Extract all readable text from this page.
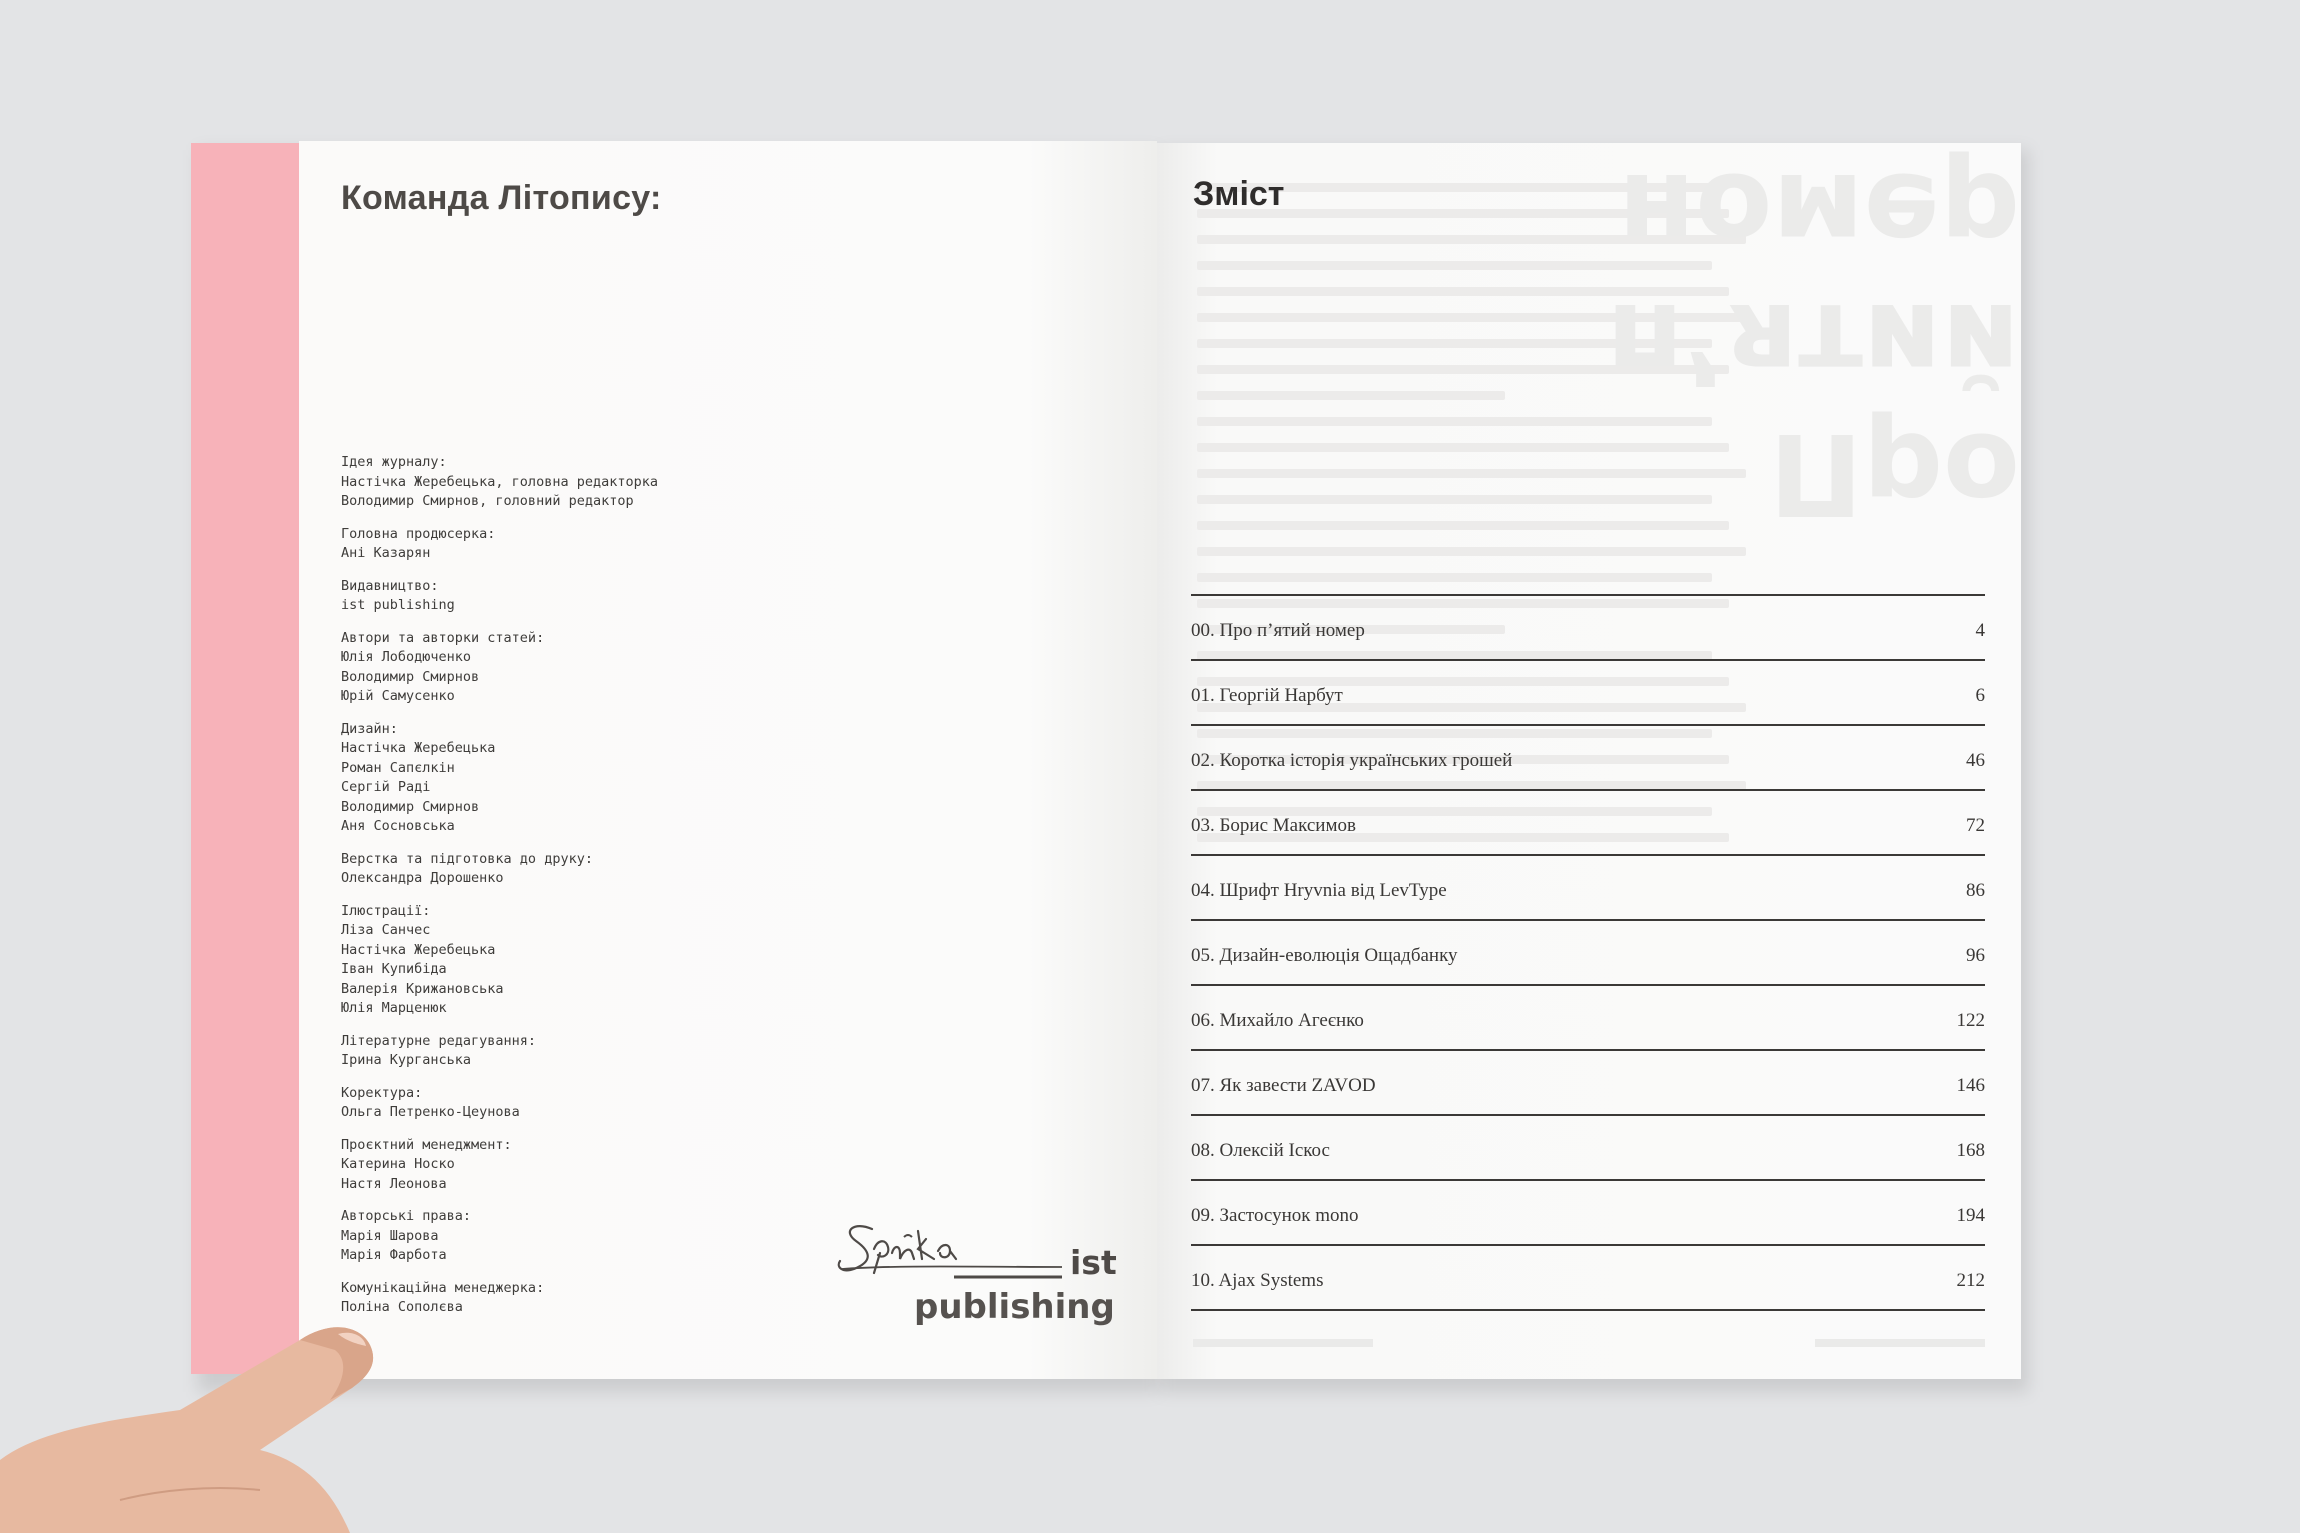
Команда Літопису:
Ідея журналу:
Настічка Жеребецька, головна редакторка
Володимир Смирнов, головний редактор
Головна продюсерка:
Ані Казарян
Видавництво:
ist publishing
Автори та авторки статей:
Юлія Лободюченко
Володимир Смирнов
Юрій Самусенко
Дизайн:
Настічка Жеребецька
Роман Сапєлкін
Сергій Раді
Володимир Смирнов
Аня Сосновська
Верстка та підготовка до друку:
Олександра Дорошенко
Ілюстрації:
Ліза Санчес
Настічка Жеребецька
Іван Купибіда
Валерія Крижановська
Юлія Марценюк
Літературне редагування:
Ірина Курганська
Коректура:
Ольга Петренко-Цеунова
Проєктний менеджмент:
Катерина Носко
Настя Леонова
Авторські права:
Марія Шарова
Марія Фарбота
Комунікаційна менеджерка:
Поліна Сополєва
ist
publishing
Про
п’ятий
номер
Зміст
00. Про п’ятий номер	4
01. Георгій Нарбут	6
02. Коротка історія українських грошей	46
03. Борис Максимов	72
04. Шрифт Hryvnia від LevType	86
05. Дизайн-еволюція Ощадбанку	96
06. Михайло Агеєнко	122
07. Як завести ZAVOD	146
08. Олексій Іскос	168
09. Застосунок mono	194
10. Ajax Systems	212
